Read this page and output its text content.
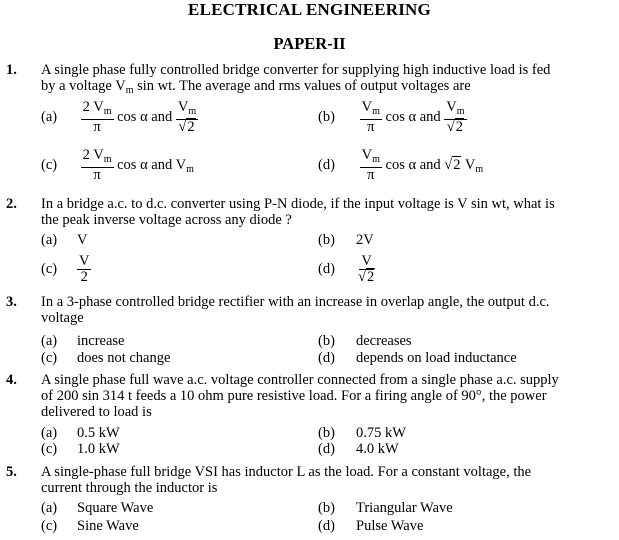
ELECTRICAL ENGINEERING
PAPER-II
1. A single phase fully controlled bridge converter for supplying high inductive load is fed
by a voltage $V_m$ sin wt. The average and rms values of output voltages are
$(a) \frac{2 V_m}{\pi}$ cos α and $\frac{V_m}{√2}$	$(b) \frac{V_m}{\pi}$ cos α and $\frac{V_m}{√2}$
$(c) \frac{2 V_m}{\pi}$ cos α and $V_m$	$(d) \frac{V_m}{\pi}$ cos α and √2 $V_m$
2. In a bridge a.c. to d.c. converter using P-N diode, if the input voltage is V sin wt, what is
the peak inverse voltage across any diode ?
(a) V	(b) 2V
$(c) \frac{V}{2}$	$(d) \frac{V}{√2}$
3. In a 3-phase controlled bridge rectifier with an increase in overlap angle, the output d.c.
voltage
(a) increase	(b) decreases
(c) does not change	(d) depends on load inductance
4. A single phase full wave a.c. voltage controller connected from a single phase a.c. supply
of 200 sin 314 t feeds a 10 ohm pure resistive load. For a firing angle of 90°, the power
delivered to load is
(a) 0.5 kW	(b) 0.75 kW
(c) 1.0 kW	(d) 4.0 kW
5. A single-phase full bridge VSI has inductor L as the load. For a constant voltage, the
current through the inductor is
(a) Square Wave	(b) Triangular Wave
(c) Sine Wave	(d) Pulse Wave
